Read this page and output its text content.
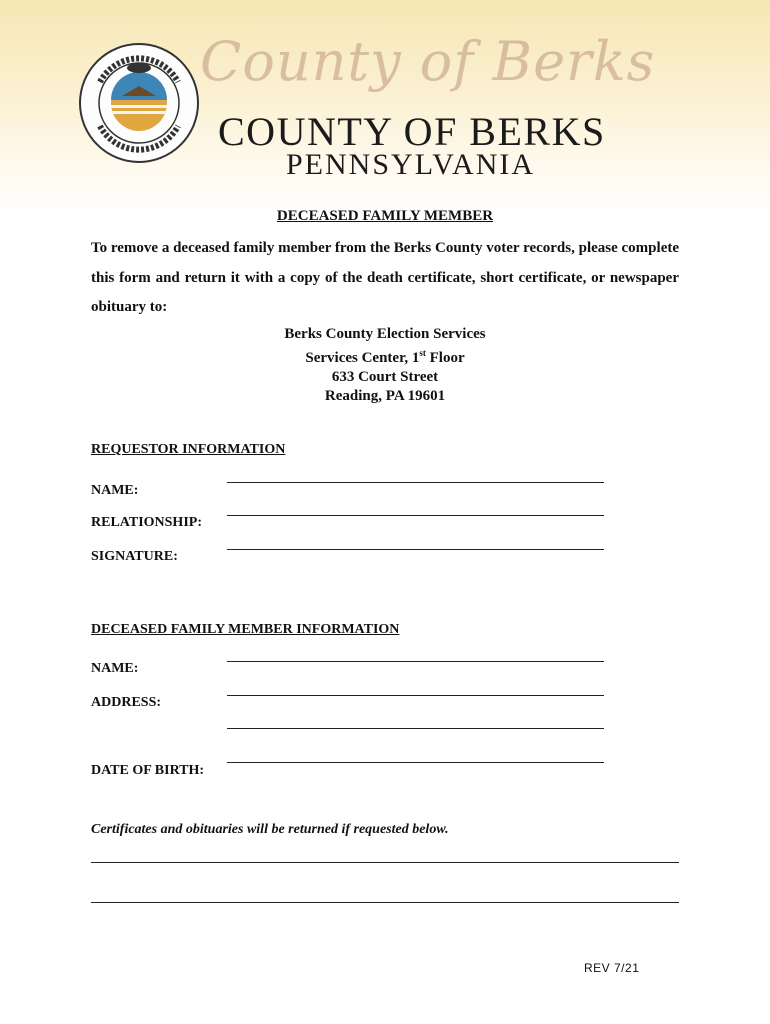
County of Berks
COUNTY OF BERKS
PENNSYLVANIA
DECEASED FAMILY MEMBER
To remove a deceased family member from the Berks County voter records, please complete this form and return it with a copy of the death certificate, short certificate, or newspaper obituary to:
Berks County Election Services
Services Center, 1st Floor
633 Court Street
Reading, PA 19601
REQUESTOR INFORMATION
NAME:
RELATIONSHIP:
SIGNATURE:
DECEASED FAMILY MEMBER INFORMATION
NAME:
ADDRESS:
DATE OF BIRTH:
Certificates and obituaries will be returned if requested below.
REV 7/21
